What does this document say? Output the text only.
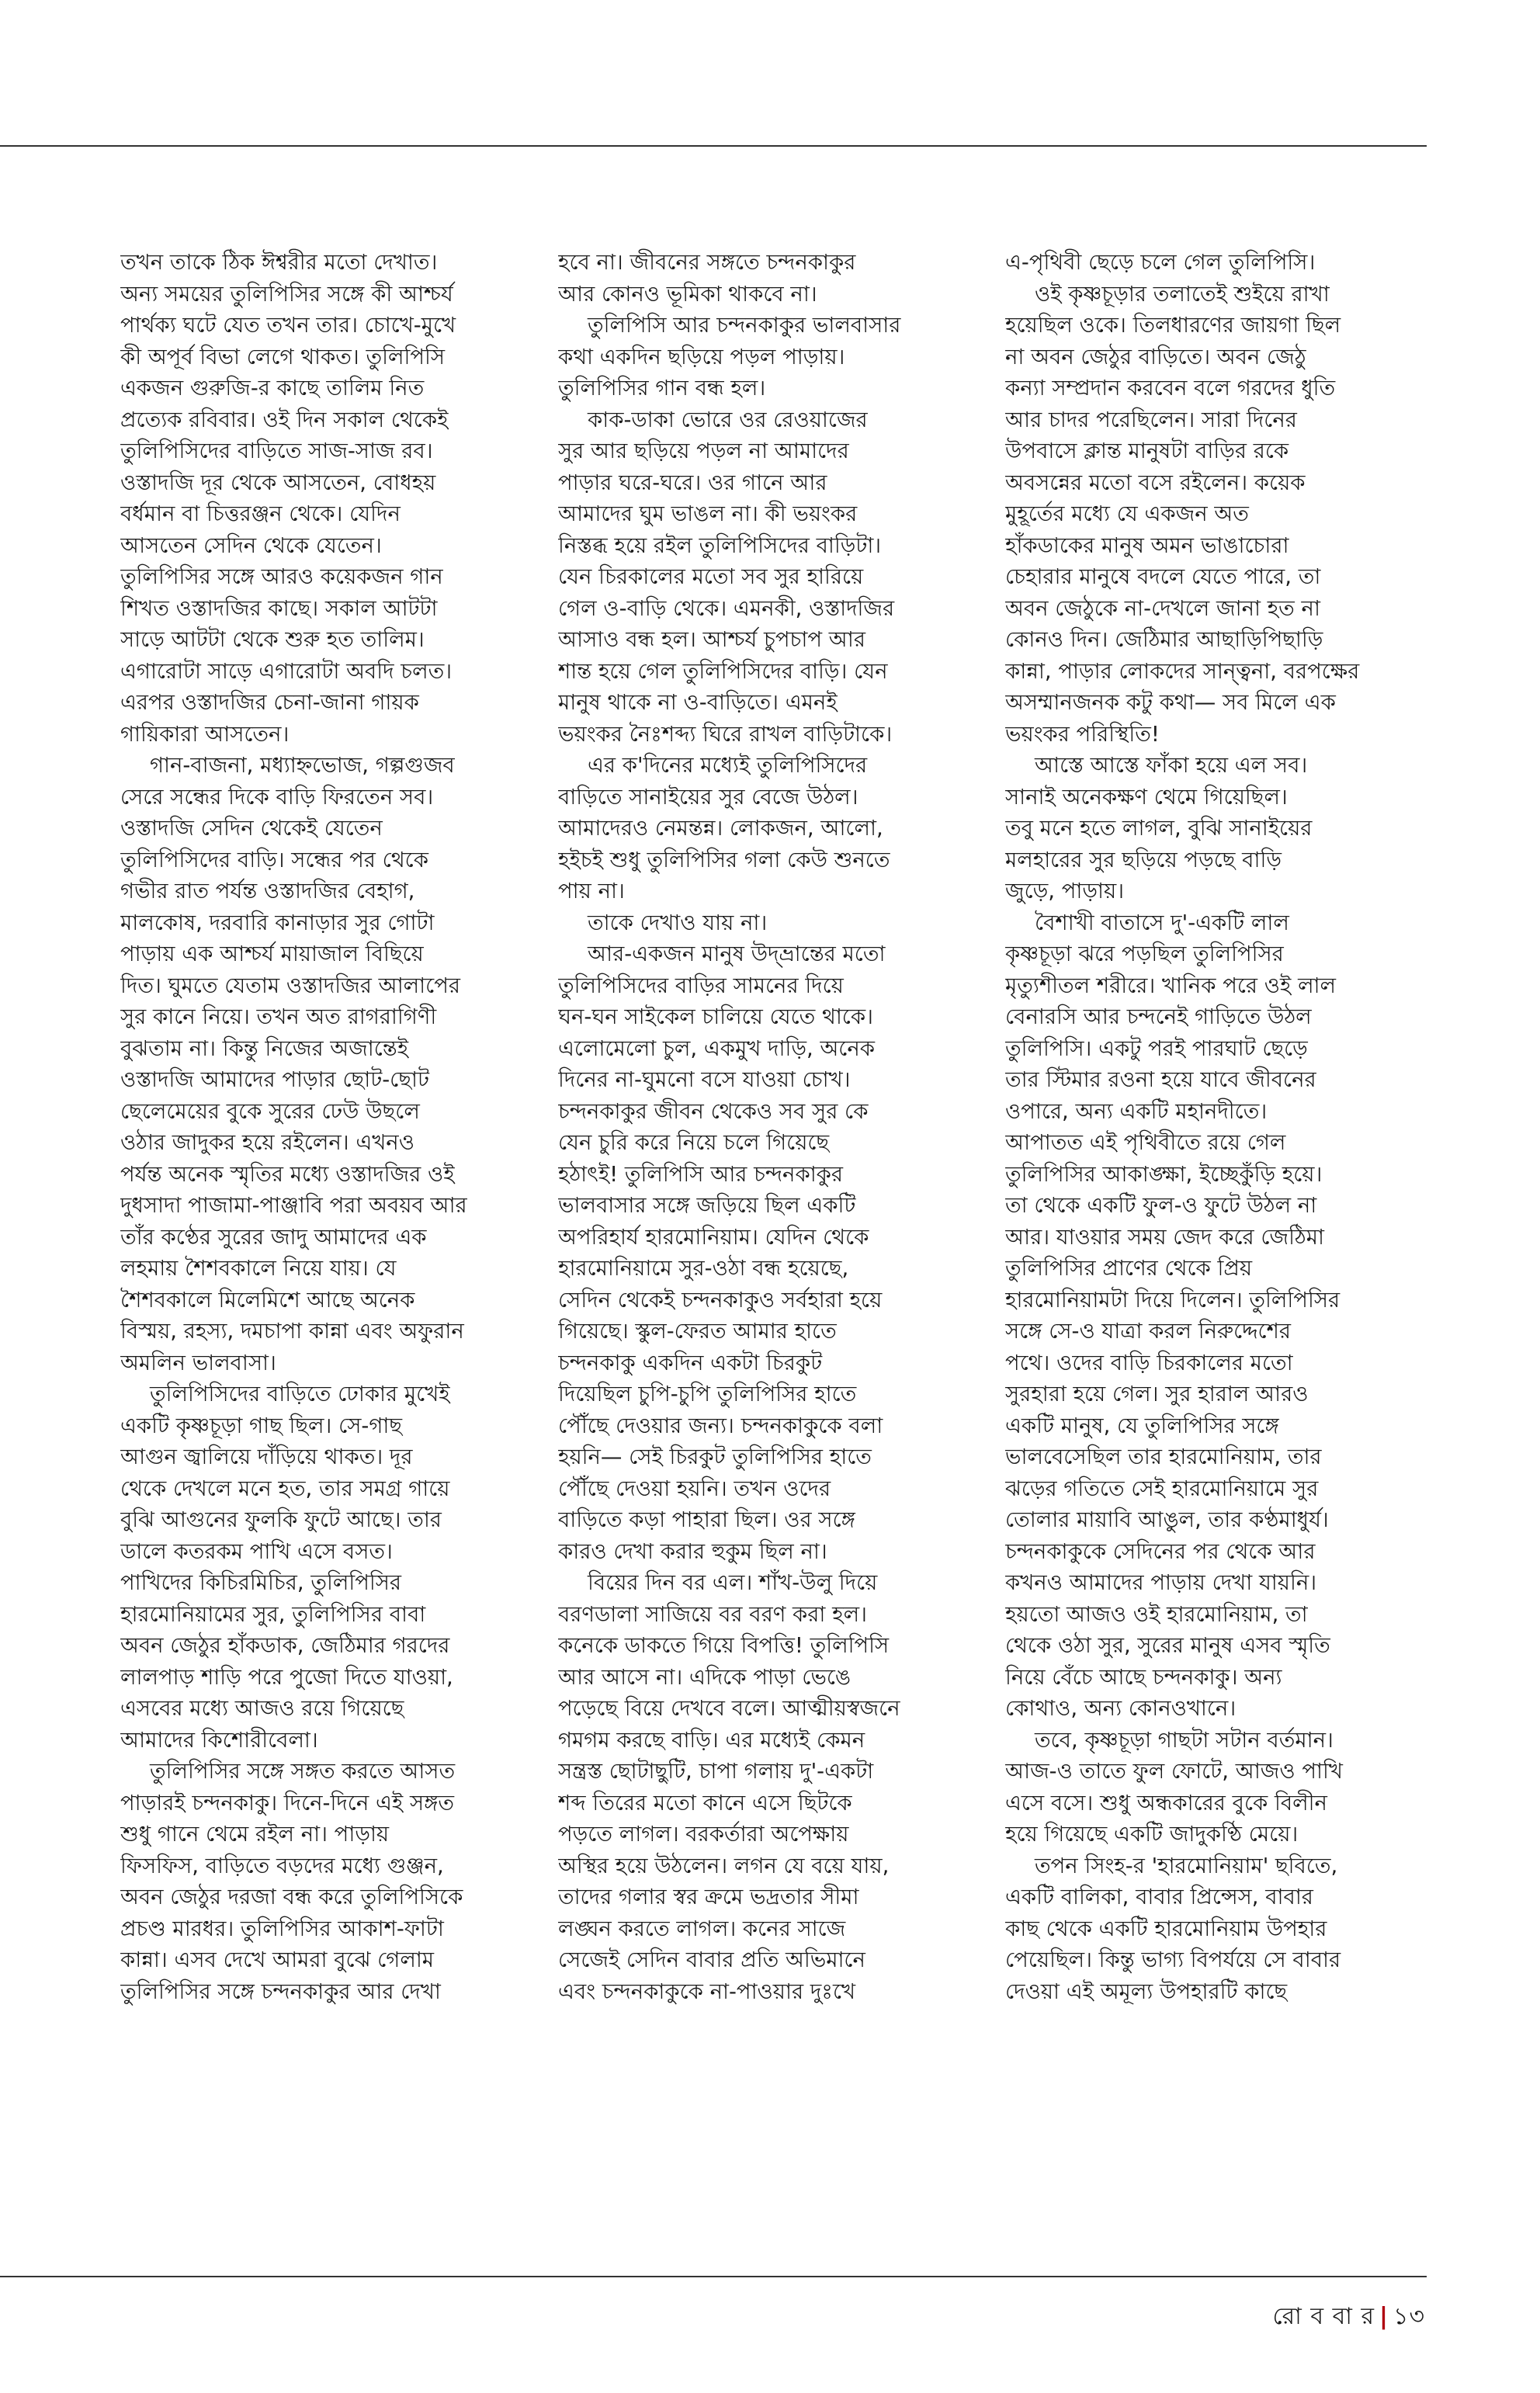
তখন তাকে ঠিক ঈশ্বরীর মতো দেখাত।
অন্য সময়ের তুলিপিসির সঙ্গে কী আশ্চর্য
পার্থক্য ঘটে যেত তখন তার। চোখে-মুখে
কী অপূর্ব বিভা লেগে থাকত। তুলিপিসি
একজন গুরুজি-র কাছে তালিম নিত
প্রত্যেক রবিবার। ওই দিন সকাল থেকেই
তুলিপিসিদের বাড়িতে সাজ-সাজ রব।
ওস্তাদজি দূর থেকে আসতেন, বোধহয়
বর্ধমান বা চিত্তরঞ্জন থেকে। যেদিন
আসতেন সেদিন থেকে যেতেন।
তুলিপিসির সঙ্গে আরও কয়েকজন গান
শিখত ওস্তাদজির কাছে। সকাল আটটা
সাড়ে আটটা থেকে শুরু হত তালিম।
এগারোটা সাড়ে এগারোটা অবদি চলত।
এরপর ওস্তাদজির চেনা-জানা গায়ক
গায়িকারা আসতেন।
গান-বাজনা, মধ্যাহ্নভোজ, গল্পগুজব
সেরে সন্ধের দিকে বাড়ি ফিরতেন সব।
ওস্তাদজি সেদিন থেকেই যেতেন
তুলিপিসিদের বাড়ি। সন্ধের পর থেকে
গভীর রাত পর্যন্ত ওস্তাদজির বেহাগ,
মালকোষ, দরবারি কানাড়ার সুর গোটা
পাড়ায় এক আশ্চর্য মায়াজাল বিছিয়ে
দিত। ঘুমতে যেতাম ওস্তাদজির আলাপের
সুর কানে নিয়ে। তখন অত রাগরাগিণী
বুঝতাম না। কিন্তু নিজের অজান্তেই
ওস্তাদজি আমাদের পাড়ার ছোট-ছোট
ছেলেমেয়ের বুকে সুরের ঢেউ উছলে
ওঠার জাদুকর হয়ে রইলেন। এখনও
পর্যন্ত অনেক স্মৃতির মধ্যে ওস্তাদজির ওই
দুধসাদা পাজামা-পাঞ্জাবি পরা অবয়ব আর
তাঁর কণ্ঠের সুরের জাদু আমাদের এক
লহমায় শৈশবকালে নিয়ে যায়। যে
শৈশবকালে মিলেমিশে আছে অনেক
বিস্ময়, রহস্য, দমচাপা কান্না এবং অফুরান
অমলিন ভালবাসা।
তুলিপিসিদের বাড়িতে ঢোকার মুখেই
একটি কৃষ্ণচূড়া গাছ ছিল। সে-গাছ
আগুন জ্বালিয়ে দাঁড়িয়ে থাকত। দূর
থেকে দেখলে মনে হত, তার সমগ্র গায়ে
বুঝি আগুনের ফুলকি ফুটে আছে। তার
ডালে কতরকম পাখি এসে বসত।
পাখিদের কিচিরমিচির, তুলিপিসির
হারমোনিয়ামের সুর, তুলিপিসির বাবা
অবন জেঠুর হাঁকডাক, জেঠিমার গরদের
লালপাড় শাড়ি পরে পুজো দিতে যাওয়া,
এসবের মধ্যে আজও রয়ে গিয়েছে
আমাদের কিশোরীবেলা।
তুলিপিসির সঙ্গে সঙ্গত করতে আসত
পাড়ারই চন্দনকাকু। দিনে-দিনে এই সঙ্গত
শুধু গানে থেমে রইল না। পাড়ায়
ফিসফিস, বাড়িতে বড়দের মধ্যে গুঞ্জন,
অবন জেঠুর দরজা বন্ধ করে তুলিপিসিকে
প্রচণ্ড মারধর। তুলিপিসির আকাশ-ফাটা
কান্না। এসব দেখে আমরা বুঝে গেলাম
তুলিপিসির সঙ্গে চন্দনকাকুর আর দেখা
হবে না। জীবনের সঙ্গতে চন্দনকাকুর
আর কোনও ভূমিকা থাকবে না।
তুলিপিসি আর চন্দনকাকুর ভালবাসার
কথা একদিন ছড়িয়ে পড়ল পাড়ায়।
তুলিপিসির গান বন্ধ হল।
কাক-ডাকা ভোরে ওর রেওয়াজের
সুর আর ছড়িয়ে পড়ল না আমাদের
পাড়ার ঘরে-ঘরে। ওর গানে আর
আমাদের ঘুম ভাঙল না। কী ভয়ংকর
নিস্তব্ধ হয়ে রইল তুলিপিসিদের বাড়িটা।
যেন চিরকালের মতো সব সুর হারিয়ে
গেল ও-বাড়ি থেকে। এমনকী, ওস্তাদজির
আসাও বন্ধ হল। আশ্চর্য চুপচাপ আর
শান্ত হয়ে গেল তুলিপিসিদের বাড়ি। যেন
মানুষ থাকে না ও-বাড়িতে। এমনই
ভয়ংকর নৈঃশব্দ্য ঘিরে রাখল বাড়িটাকে।
এর ক'দিনের মধ্যেই তুলিপিসিদের
বাড়িতে সানাইয়ের সুর বেজে উঠল।
আমাদেরও নেমন্তন্ন। লোকজন, আলো,
হইচই শুধু তুলিপিসির গলা কেউ শুনতে
পায় না।
তাকে দেখাও যায় না।
আর-একজন মানুষ উদ্‌ভ্রান্তের মতো
তুলিপিসিদের বাড়ির সামনের দিয়ে
ঘন-ঘন সাইকেল চালিয়ে যেতে থাকে।
এলোমেলো চুল, একমুখ দাড়ি, অনেক
দিনের না-ঘুমনো বসে যাওয়া চোখ।
চন্দনকাকুর জীবন থেকেও সব সুর কে
যেন চুরি করে নিয়ে চলে গিয়েছে
হঠাৎই! তুলিপিসি আর চন্দনকাকুর
ভালবাসার সঙ্গে জড়িয়ে ছিল একটি
অপরিহার্য হারমোনিয়াম। যেদিন থেকে
হারমোনিয়ামে সুর-ওঠা বন্ধ হয়েছে,
সেদিন থেকেই চন্দনকাকুও সর্বহারা হয়ে
গিয়েছে। স্কুল-ফেরত আমার হাতে
চন্দনকাকু একদিন একটা চিরকুট
দিয়েছিল চুপি-চুপি তুলিপিসির হাতে
পৌঁছে দেওয়ার জন্য। চন্দনকাকুকে বলা
হয়নি— সেই চিরকুট তুলিপিসির হাতে
পৌঁছে দেওয়া হয়নি। তখন ওদের
বাড়িতে কড়া পাহারা ছিল। ওর সঙ্গে
কারও দেখা করার হুকুম ছিল না।
বিয়ের দিন বর এল। শাঁখ-উলু দিয়ে
বরণডালা সাজিয়ে বর বরণ করা হল।
কনেকে ডাকতে গিয়ে বিপত্তি! তুলিপিসি
আর আসে না। এদিকে পাড়া ভেঙে
পড়েছে বিয়ে দেখবে বলে। আত্মীয়স্বজনে
গমগম করছে বাড়ি। এর মধ্যেই কেমন
সন্ত্রস্ত ছোটাছুটি, চাপা গলায় দু'-একটা
শব্দ তিরের মতো কানে এসে ছিটকে
পড়তে লাগল। বরকর্তারা অপেক্ষায়
অস্থির হয়ে উঠলেন। লগন যে বয়ে যায়,
তাদের গলার স্বর ক্রমে ভদ্রতার সীমা
লঙ্ঘন করতে লাগল। কনের সাজে
সেজেই সেদিন বাবার প্রতি অভিমানে
এবং চন্দনকাকুকে না-পাওয়ার দুঃখে
এ-পৃথিবী ছেড়ে চলে গেল তুলিপিসি।
ওই কৃষ্ণচূড়ার তলাতেই শুইয়ে রাখা
হয়েছিল ওকে। তিলধারণের জায়গা ছিল
না অবন জেঠুর বাড়িতে। অবন জেঠু
কন্যা সম্প্রদান করবেন বলে গরদের ধুতি
আর চাদর পরেছিলেন। সারা দিনের
উপবাসে ক্লান্ত মানুষটা বাড়ির রকে
অবসন্নের মতো বসে রইলেন। কয়েক
মুহূর্তের মধ্যে যে একজন অত
হাঁকডাকের মানুষ অমন ভাঙাচোরা
চেহারার মানুষে বদলে যেতে পারে, তা
অবন জেঠুকে না-দেখলে জানা হত না
কোনও দিন। জেঠিমার আছাড়িপিছাড়ি
কান্না, পাড়ার লোকদের সান্ত্বনা, বরপক্ষের
অসম্মানজনক কটু কথা— সব মিলে এক
ভয়ংকর পরিস্থিতি!
আস্তে আস্তে ফাঁকা হয়ে এল সব।
সানাই অনেকক্ষণ থেমে গিয়েছিল।
তবু মনে হতে লাগল, বুঝি সানাইয়ের
মলহারের সুর ছড়িয়ে পড়ছে বাড়ি
জুড়ে, পাড়ায়।
বৈশাখী বাতাসে দু'-একটি লাল
কৃষ্ণচূড়া ঝরে পড়ছিল তুলিপিসির
মৃত্যুশীতল শরীরে। খানিক পরে ওই লাল
বেনারসি আর চন্দনেই গাড়িতে উঠল
তুলিপিসি। একটু পরই পারঘাট ছেড়ে
তার স্টিমার রওনা হয়ে যাবে জীবনের
ওপারে, অন্য একটি মহানদীতে।
আপাতত এই পৃথিবীতে রয়ে গেল
তুলিপিসির আকাঙ্ক্ষা, ইচ্ছেকুঁড়ি হয়ে।
তা থেকে একটি ফুল-ও ফুটে উঠল না
আর। যাওয়ার সময় জেদ করে জেঠিমা
তুলিপিসির প্রাণের থেকে প্রিয়
হারমোনিয়ামটা দিয়ে দিলেন। তুলিপিসির
সঙ্গে সে-ও যাত্রা করল নিরুদ্দেশের
পথে। ওদের বাড়ি চিরকালের মতো
সুরহারা হয়ে গেল। সুর হারাল আরও
একটি মানুষ, যে তুলিপিসির সঙ্গে
ভালবেসেছিল তার হারমোনিয়াম, তার
ঝড়ের গতিতে সেই হারমোনিয়ামে সুর
তোলার মায়াবি আঙুল, তার কণ্ঠমাধুর্য।
চন্দনকাকুকে সেদিনের পর থেকে আর
কখনও আমাদের পাড়ায় দেখা যায়নি।
হয়তো আজও ওই হারমোনিয়াম, তা
থেকে ওঠা সুর, সুরের মানুষ এসব স্মৃতি
নিয়ে বেঁচে আছে চন্দনকাকু। অন্য
কোথাও, অন্য কোনওখানে।
তবে, কৃষ্ণচূড়া গাছটা সটান বর্তমান।
আজ-ও তাতে ফুল ফোটে, আজও পাখি
এসে বসে। শুধু অন্ধকারের বুকে বিলীন
হয়ে গিয়েছে একটি জাদুকণ্ঠি মেয়ে।
তপন সিংহ-র 'হারমোনিয়াম' ছবিতে,
একটি বালিকা, বাবার প্রিন্সেস, বাবার
কাছ থেকে একটি হারমোনিয়াম উপহার
পেয়েছিল। কিন্তু ভাগ্য বিপর্যয়ে সে বাবার
দেওয়া এই অমূল্য উপহারটি কাছে
রো ব বা র | ১৩
